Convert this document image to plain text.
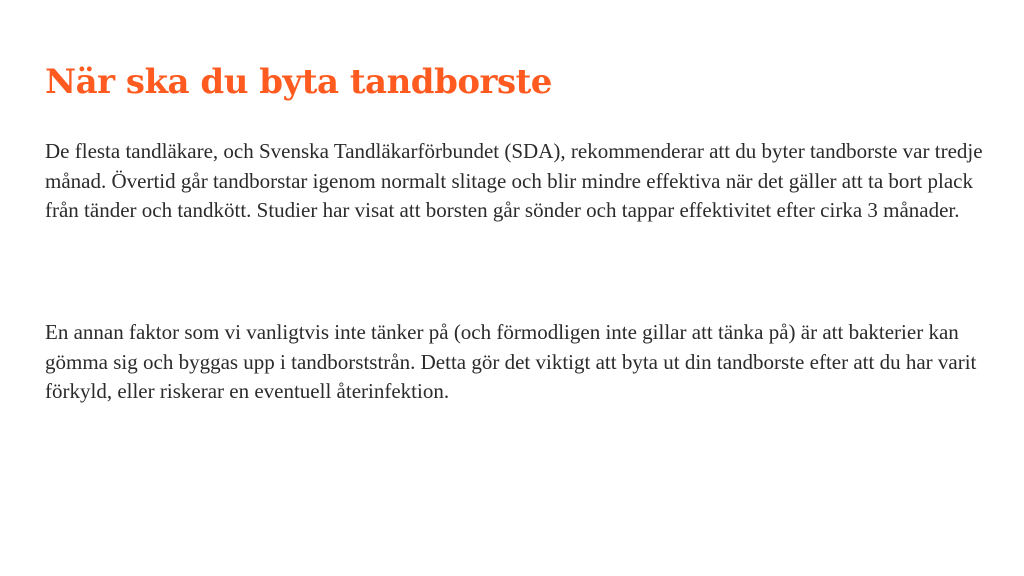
När ska du byta tandborste

De flesta tandläkare, och Svenska Tandläkarförbundet (SDA), rekommenderar att du byter tandborste var tredje månad. Övertid går tandborstar igenom normalt slitage och blir mindre effektiva när det gäller att ta bort plack från tänder och tandkött. Studier har visat att borsten går sönder och tappar effektivitet efter cirka 3 månader.

En annan faktor som vi vanligtvis inte tänker på (och förmodligen inte gillar att tänka på) är att bakterier kan gömma sig och byggas upp i tandborststrån. Detta gör det viktigt att byta ut din tandborste efter att du har varit förkyld, eller riskerar en eventuell återinfektion.
